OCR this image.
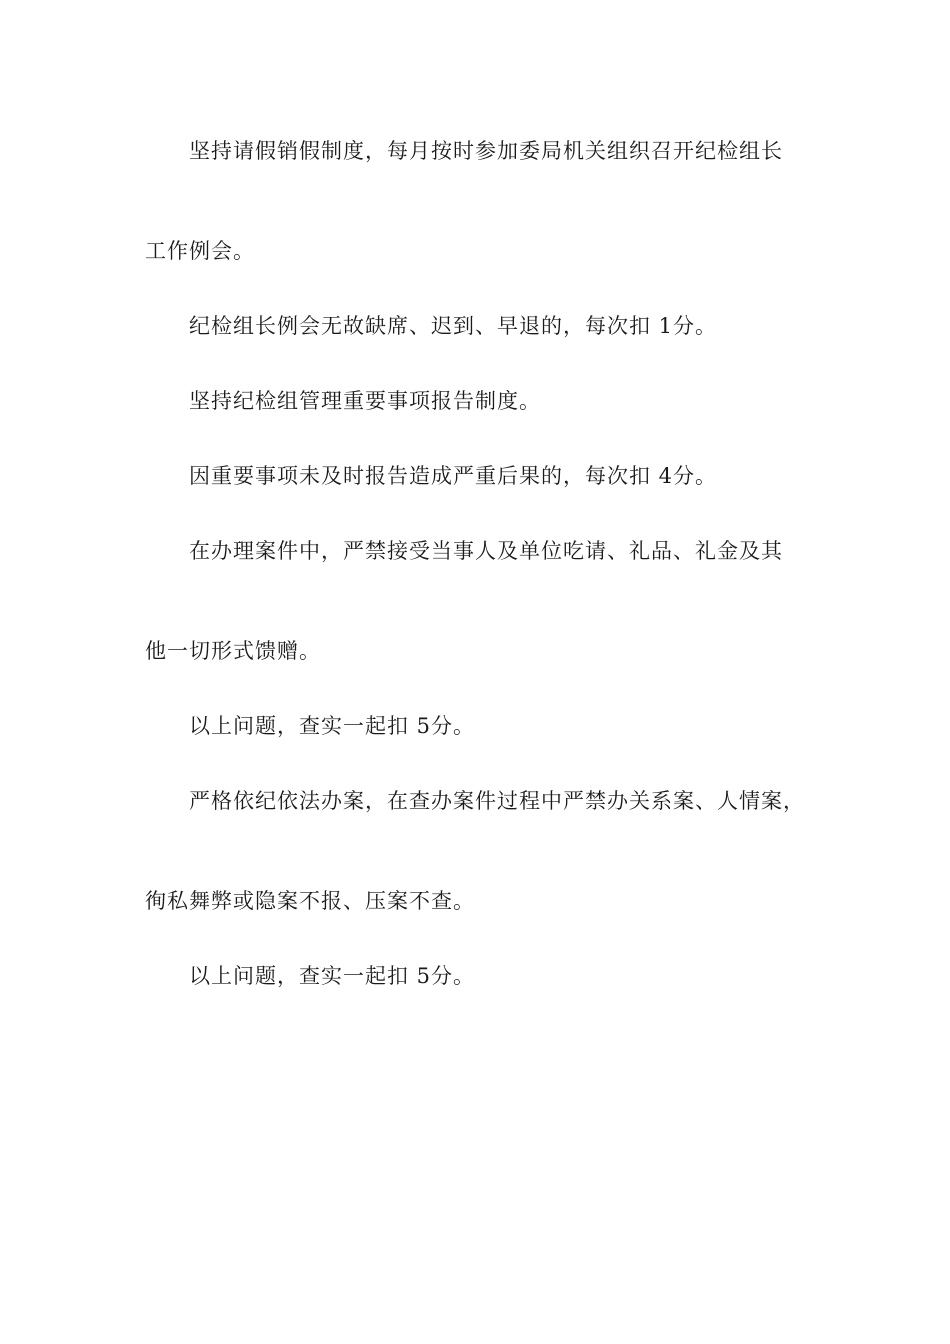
坚持请假销假制度，每月按时参加委局机关组织召开纪检组长
工作例会。
纪检组长例会无故缺席、迟到、早退的，每次扣 1分。
坚持纪检组管理重要事项报告制度。
因重要事项未及时报告造成严重后果的，每次扣 4分。
在办理案件中，严禁接受当事人及单位吃请、礼品、礼金及其
他一切形式馈赠。
以上问题，查实一起扣 5分。
严格依纪依法办案，在查办案件过程中严禁办关系案、人情案，
徇私舞弊或隐案不报、压案不查。
以上问题，查实一起扣 5分。
